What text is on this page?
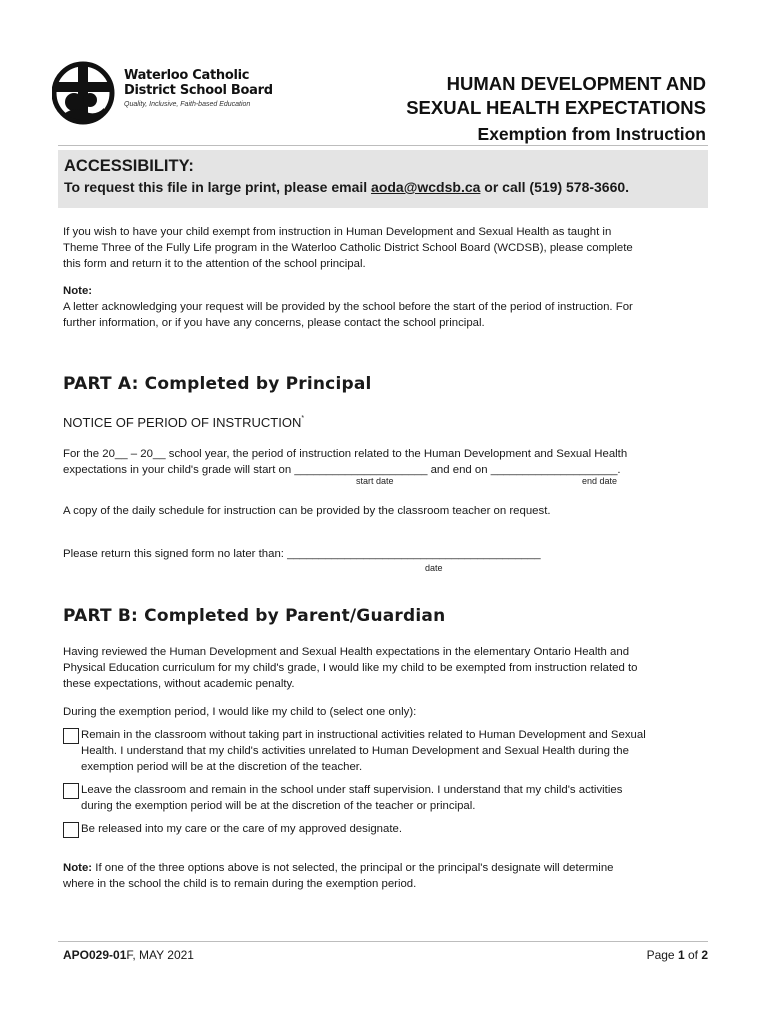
Waterloo Catholic
District School Board
Quality, Inclusive, Faith-based Education
HUMAN DEVELOPMENT AND
SEXUAL HEALTH EXPECTATIONS
Exemption from Instruction
ACCESSIBILITY:
To request this file in large print, please email aoda@wcdsb.ca or call (519) 578-3660.
If you wish to have your child exempt from instruction in Human Development and Sexual Health as taught in
Theme Three of the Fully Life program in the Waterloo Catholic District School Board (WCDSB), please complete
this form and return it to the attention of the school principal.
Note:
A letter acknowledging your request will be provided by the school before the start of the period of instruction. For
further information, or if you have any concerns, please contact the school principal.
PART A: Completed by Principal
NOTICE OF PERIOD OF INSTRUCTION*
For the 20__ – 20__ school year, the period of instruction related to the Human Development and Sexual Health
expectations in your child's grade will start on _____________________ and end on ____________________.
start date	end date
A copy of the daily schedule for instruction can be provided by the classroom teacher on request.
Please return this signed form no later than: ________________________________________
date
PART B: Completed by Parent/Guardian
Having reviewed the Human Development and Sexual Health expectations in the elementary Ontario Health and
Physical Education curriculum for my child's grade, I would like my child to be exempted from instruction related to
these expectations, without academic penalty.
During the exemption period, I would like my child to (select one only):
Remain in the classroom without taking part in instructional activities related to Human Development and Sexual
Health. I understand that my child's activities unrelated to Human Development and Sexual Health during the
exemption period will be at the discretion of the teacher.
Leave the classroom and remain in the school under staff supervision. I understand that my child's activities
during the exemption period will be at the discretion of the teacher or principal.
Be released into my care or the care of my approved designate.
Note: If one of the three options above is not selected, the principal or the principal's designate will determine
where in the school the child is to remain during the exemption period.
APO029-01F, MAY 2021	Page 1 of 2
